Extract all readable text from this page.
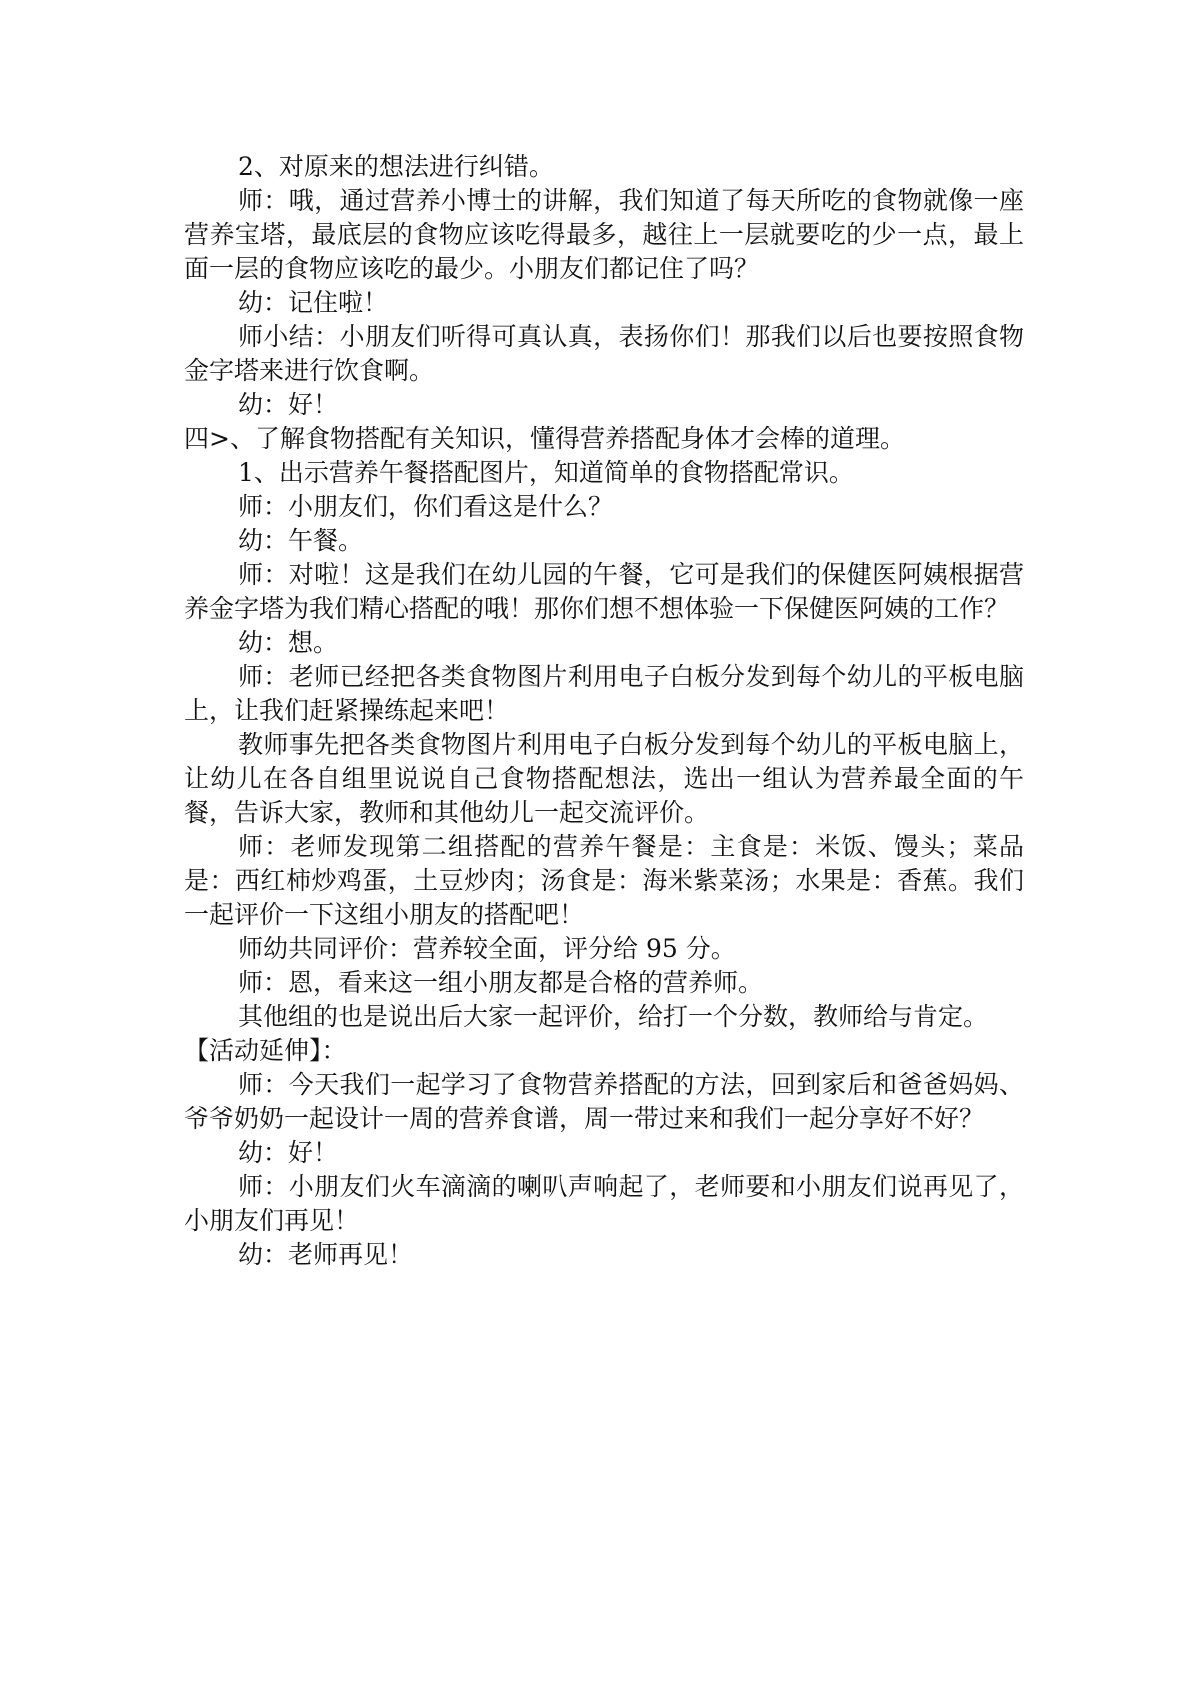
2、对原来的想法进行纠错。

师：哦，通过营养小博士的讲解，我们知道了每天所吃的食物就像一座营养宝塔，最底层的食物应该吃得最多，越往上一层就要吃的少一点，最上面一层的食物应该吃的最少。小朋友们都记住了吗？

幼：记住啦！

师小结：小朋友们听得可真认真，表扬你们！那我们以后也要按照食物金字塔来进行饮食啊。

幼：好！

四>、了解食物搭配有关知识，懂得营养搭配身体才会棒的道理。

1、出示营养午餐搭配图片，知道简单的食物搭配常识。

师：小朋友们，你们看这是什么？

幼：午餐。

师：对啦！这是我们在幼儿园的午餐，它可是我们的保健医阿姨根据营养金字塔为我们精心搭配的哦！那你们想不想体验一下保健医阿姨的工作？

幼：想。

师：老师已经把各类食物图片利用电子白板分发到每个幼儿的平板电脑上，让我们赶紧操练起来吧！

教师事先把各类食物图片利用电子白板分发到每个幼儿的平板电脑上，让幼儿在各自组里说说自己食物搭配想法，选出一组认为营养最全面的午餐，告诉大家，教师和其他幼儿一起交流评价。

师：老师发现第二组搭配的营养午餐是：主食是：米饭、馒头；菜品是：西红柿炒鸡蛋，土豆炒肉；汤食是：海米紫菜汤；水果是：香蕉。我们一起评价一下这组小朋友的搭配吧！

师幼共同评价：营养较全面，评分给 95 分。

师：恩，看来这一组小朋友都是合格的营养师。

其他组的也是说出后大家一起评价，给打一个分数，教师给与肯定。

【活动延伸】：

师：今天我们一起学习了食物营养搭配的方法，回到家后和爸爸妈妈、爷爷奶奶一起设计一周的营养食谱，周一带过来和我们一起分享好不好？

幼：好！

师：小朋友们火车滴滴的喇叭声响起了，老师要和小朋友们说再见了，小朋友们再见！

幼：老师再见！
